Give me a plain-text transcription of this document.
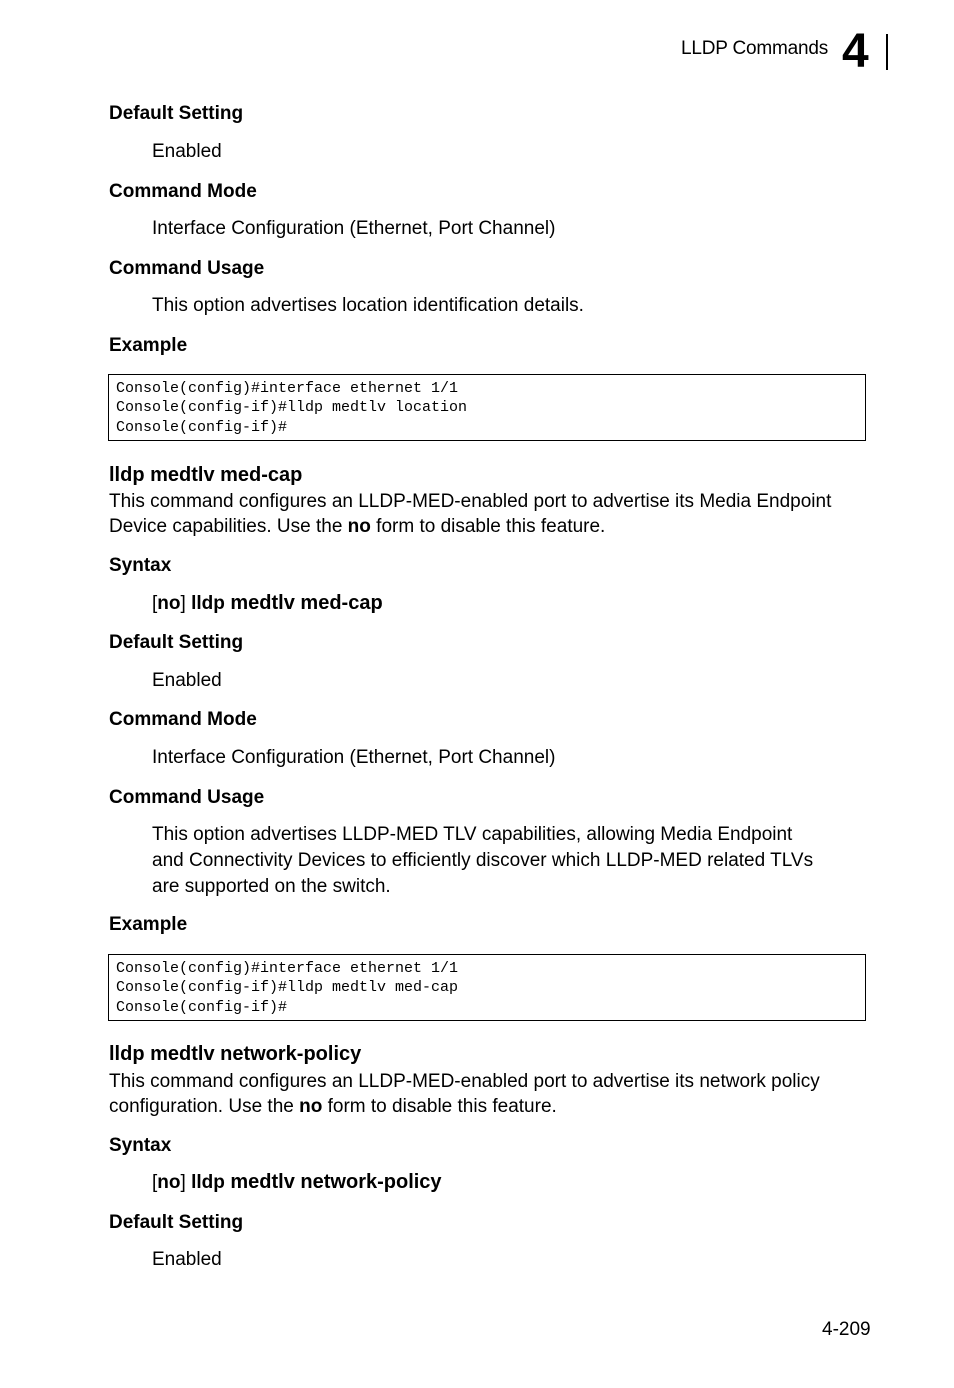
LLDP Commands 4
Default Setting
Enabled
Command Mode
Interface Configuration (Ethernet, Port Channel)
Command Usage
This option advertises location identification details.
Example
Console(config)#interface ethernet 1/1
Console(config-if)#lldp medtlv location
Console(config-if)#
lldp medtlv med-cap
This command configures an LLDP-MED-enabled port to advertise its Media Endpoint Device capabilities. Use the no form to disable this feature.
Syntax
[no] lldp medtlv med-cap
Default Setting
Enabled
Command Mode
Interface Configuration (Ethernet, Port Channel)
Command Usage
This option advertises LLDP-MED TLV capabilities, allowing Media Endpoint
and Connectivity Devices to efficiently discover which LLDP-MED related TLVs
are supported on the switch.
Example
Console(config)#interface ethernet 1/1
Console(config-if)#lldp medtlv med-cap
Console(config-if)#
lldp medtlv network-policy
This command configures an LLDP-MED-enabled port to advertise its network policy configuration. Use the no form to disable this feature.
Syntax
[no] lldp medtlv network-policy
Default Setting
Enabled
4-209
